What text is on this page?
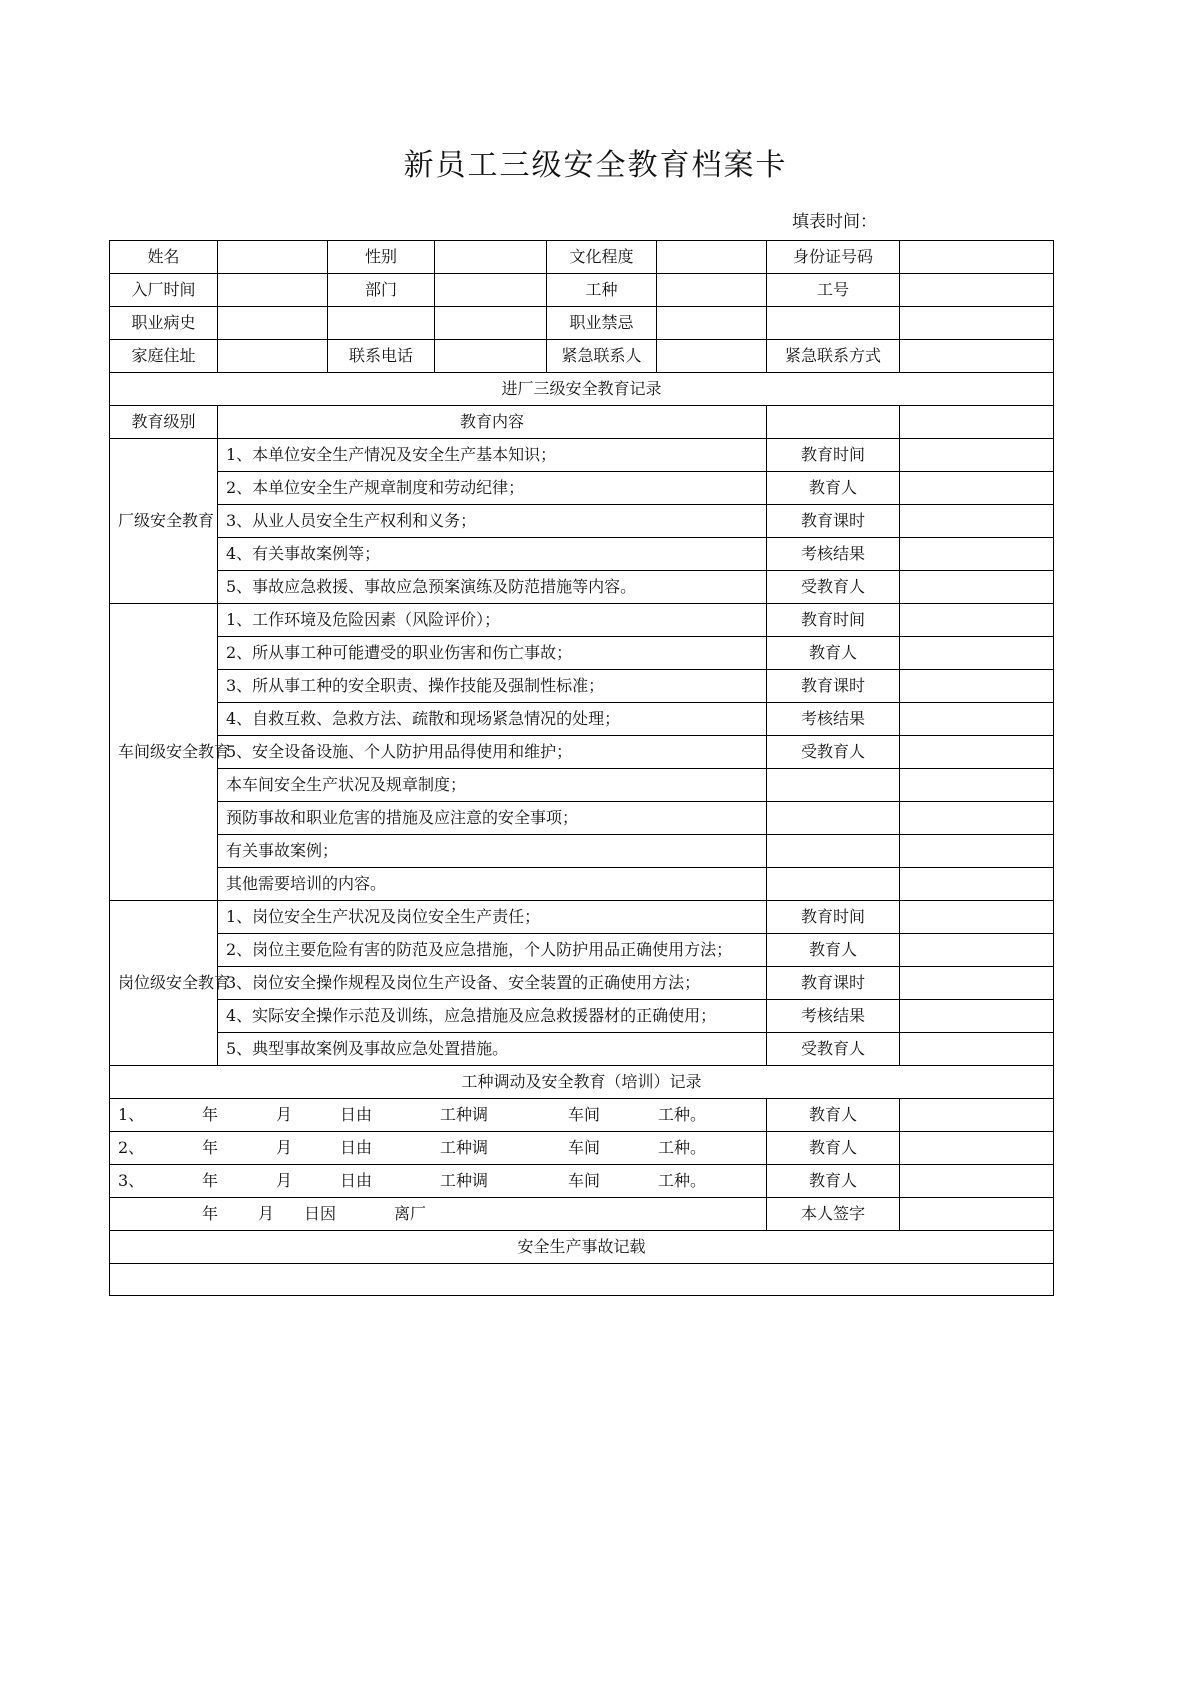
新员工三级安全教育档案卡
填表时间：
姓名		性别		文化程度		身份证号码	
入厂时间		部门		工种		工号	
职业病史				职业禁忌			
家庭住址		联系电话		紧急联系人		紧急联系方式	
进厂三级安全教育记录							
教育级别	教育内容						
厂级安全教育	1、本单位安全生产情况及安全生产基本知识；					教育时间	
	2、本单位安全生产规章制度和劳动纪律；					教育人	
	3、从业人员安全生产权利和义务；					教育课时	
	4、有关事故案例等；					考核结果	
	5、事故应急救援、事故应急预案演练及防范措施等内容。					受教育人	
车间级安全教育	1、工作环境及危险因素（风险评价）；					教育时间	
	2、所从事工种可能遭受的职业伤害和伤亡事故；					教育人	
	3、所从事工种的安全职责、操作技能及强制性标准；					教育课时	
	4、自救互救、急救方法、疏散和现场紧急情况的处理；					考核结果	
	5、安全设备设施、个人防护用品得使用和维护；					受教育人	
	本车间安全生产状况及规章制度；						
	预防事故和职业危害的措施及应注意的安全事项；						
	有关事故案例；						
	其他需要培训的内容。						
岗位级安全教育	1、岗位安全生产状况及岗位安全生产责任；					教育时间	
	2、岗位主要危险有害的防范及应急措施，个人防护用品正确使用方法；					教育人	
	3、岗位安全操作规程及岗位生产设备、安全装置的正确使用方法；					教育课时	
	4、实际安全操作示范及训练，应急措施及应急救援器材的正确使用；					考核结果	
	5、典型事故案例及事故应急处置措施。					受教育人	
工种调动及安全教育（培训）记录							
1、 年 月 日由 工种调 车间 工种。						教育人	
2、 年 月 日由 工种调 车间 工种。						教育人	
3、 年 月 日由 工种调 车间 工种。						教育人	
年 月 日因 离厂						本人签字	
安全生产事故记载							
